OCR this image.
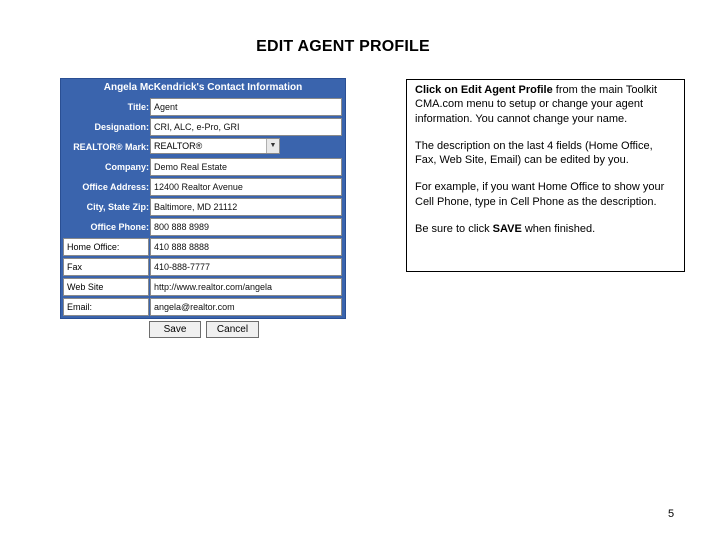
EDIT AGENT PROFILE
Angela McKendrick's Contact Information
Title: Agent
Designation: CRI, ALC, e-Pro, GRI
REALTOR® Mark: REALTOR®	▼
Company: Demo Real Estate
Office Address: 12400 Realtor Avenue
City, State Zip: Baltimore, MD 21112
Office Phone: 800 888 8989
Home Office:	410 888 8888
Fax	410-888-7777
Web Site	http://www.realtor.com/angela
Email:	angela@realtor.com
Save	Cancel

Click on Edit Agent Profile from the main Toolkit CMA.com menu to setup or change your agent information. You cannot change your name.

The description on the last 4 fields (Home Office, Fax, Web Site, Email) can be edited by you.

For example, if you want Home Office to show your Cell Phone, type in Cell Phone as the description.

Be sure to click SAVE when finished.

5
